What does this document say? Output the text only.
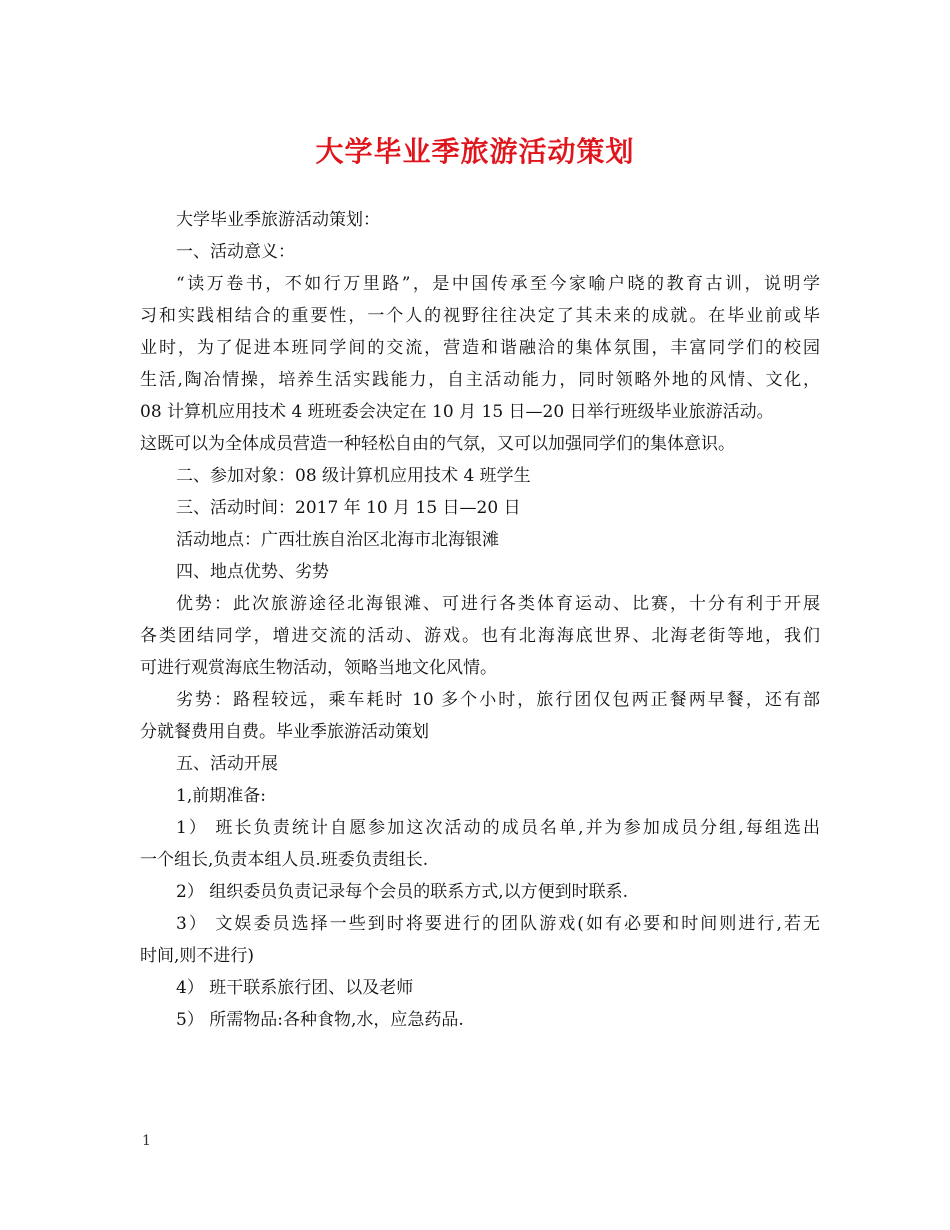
大学毕业季旅游活动策划
大学毕业季旅游活动策划：
一、活动意义：
“读万卷书，不如行万里路”，是中国传承至今家喻户晓的教育古训，说明学
习和实践相结合的重要性，一个人的视野往往决定了其未来的成就。在毕业前或毕
业时，为了促进本班同学间的交流，营造和谐融洽的集体氛围，丰富同学们的校园
生活,陶冶情操，培养生活实践能力，自主活动能力，同时领略外地的风情、文化，
08 计算机应用技术 4 班班委会决定在 10 月 15 日—20 日举行班级毕业旅游活动。
这既可以为全体成员营造一种轻松自由的气氛，又可以加强同学们的集体意识。
二、参加对象：08 级计算机应用技术 4 班学生
三、活动时间：2017 年 10 月 15 日—20 日
活动地点：广西壮族自治区北海市北海银滩
四、地点优势、劣势
优势：此次旅游途径北海银滩、可进行各类体育运动、比赛，十分有利于开展
各类团结同学，增进交流的活动、游戏。也有北海海底世界、北海老街等地，我们
可进行观赏海底生物活动，领略当地文化风情。
劣势：路程较远，乘车耗时 10 多个小时，旅行团仅包两正餐两早餐，还有部
分就餐费用自费。毕业季旅游活动策划
五、活动开展
1,前期准备:
1） 班长负责统计自愿参加这次活动的成员名单,并为参加成员分组,每组选出
一个组长,负责本组人员.班委负责组长.
2） 组织委员负责记录每个会员的联系方式,以方便到时联系.
3） 文娱委员选择一些到时将要进行的团队游戏(如有必要和时间则进行,若无
时间,则不进行)
4） 班干联系旅行团、以及老师
5） 所需物品:各种食物,水，应急药品.
1
